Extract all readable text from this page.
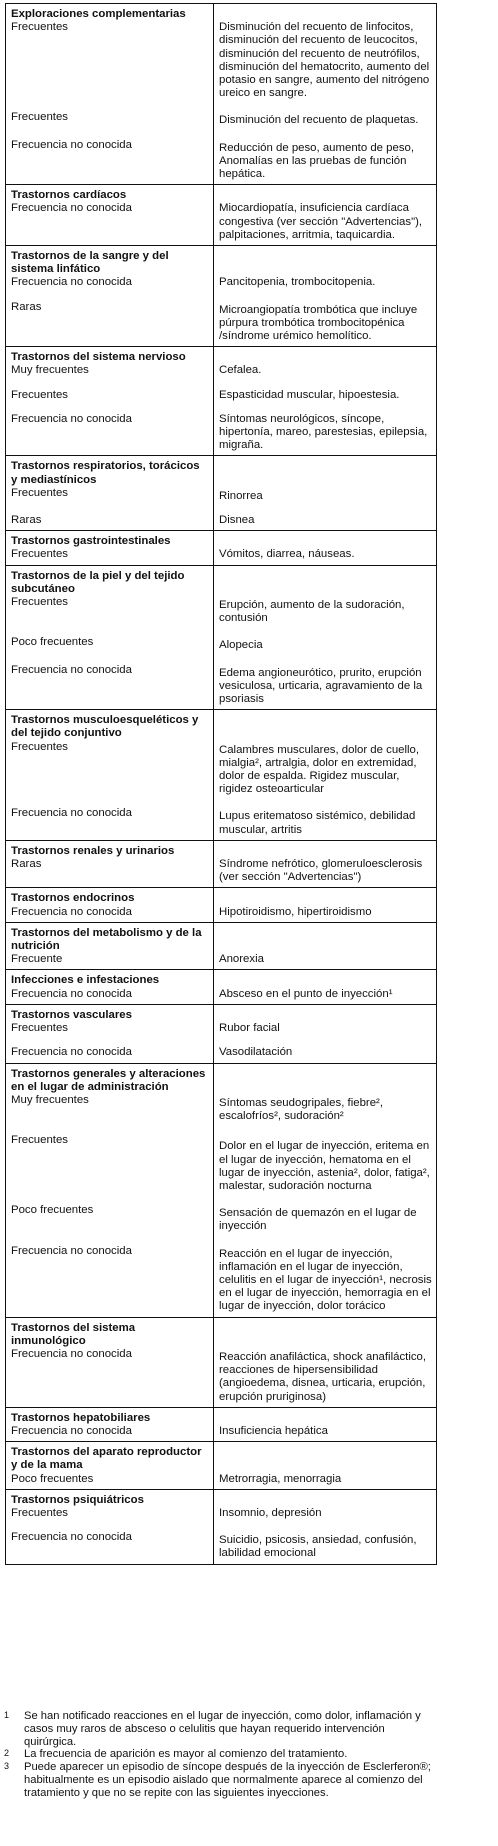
Exploraciones complementarias
Frecuentes	Disminución del recuento de linfocitos, disminución del recuento de leucocitos, disminución del recuento de neutrófilos, disminución del hematocrito, aumento del potasio en sangre, aumento del nitrógeno ureico en sangre.
Frecuentes	Disminución del recuento de plaquetas.
Frecuencia no conocida	Reducción de peso, aumento de peso, Anomalías en las pruebas de función hepática.

Trastornos cardíacos
Frecuencia no conocida	Miocardiopatía, insuficiencia cardíaca congestiva (ver sección "Advertencias"), palpitaciones, arritmia, taquicardia.

Trastornos de la sangre y del sistema linfático
Frecuencia no conocida	Pancitopenia, trombocitopenia.
Raras	Microangiopatía trombótica que incluye púrpura trombótica trombocitopénica /síndrome urémico hemolítico.

Trastornos del sistema nervioso
Muy frecuentes	Cefalea.
Frecuentes	Espasticidad muscular, hipoestesia.
Frecuencia no conocida	Síntomas neurológicos, síncope, hipertonía, mareo, parestesias, epilepsia, migraña.

Trastornos respiratorios, torácicos y mediastínicos
Frecuentes	Rinorrea
Raras	Disnea

Trastornos gastrointestinales
Frecuentes	Vómitos, diarrea, náuseas.

Trastornos de la piel y del tejido subcutáneo
Frecuentes	Erupción, aumento de la sudoración, contusión
Poco frecuentes	Alopecia
Frecuencia no conocida	Edema angioneurótico, prurito, erupción vesiculosa, urticaria, agravamiento de la psoriasis

Trastornos musculoesqueléticos y del tejido conjuntivo
Frecuentes	Calambres musculares, dolor de cuello, mialgia², artralgia, dolor en extremidad, dolor de espalda. Rigidez muscular, rigidez osteoarticular
Frecuencia no conocida	Lupus eritematoso sistémico, debilidad muscular, artritis

Trastornos renales y urinarios
Raras	Síndrome nefrótico, glomeruloesclerosis (ver sección "Advertencias")

Trastornos endocrinos
Frecuencia no conocida	Hipotiroidismo, hipertiroidismo

Trastornos del metabolismo y de la nutrición
Frecuente	Anorexia

Infecciones e infestaciones
Frecuencia no conocida	Absceso en el punto de inyección¹

Trastornos vasculares
Frecuentes	Rubor facial
Frecuencia no conocida	Vasodilatación

Trastornos generales y alteraciones en el lugar de administración
Muy frecuentes	Síntomas seudogripales, fiebre², escalofríos², sudoración²
Frecuentes	Dolor en el lugar de inyección, eritema en el lugar de inyección, hematoma en el lugar de inyección, astenia², dolor, fatiga², malestar, sudoración nocturna
Poco frecuentes	Sensación de quemazón en el lugar de inyección
Frecuencia no conocida	Reacción en el lugar de inyección, inflamación en el lugar de inyección, celulitis en el lugar de inyección¹, necrosis en el lugar de inyección, hemorragia en el lugar de inyección, dolor torácico

Trastornos del sistema inmunológico
Frecuencia no conocida	Reacción anafiláctica, shock anafiláctico, reacciones de hipersensibilidad (angioedema, disnea, urticaria, erupción, erupción pruriginosa)

Trastornos hepatobiliares
Frecuencia no conocida	Insuficiencia hepática

Trastornos del aparato reproductor y de la mama
Poco frecuentes	Metrorragia, menorragia

Trastornos psiquiátricos
Frecuentes	Insomnio, depresión
Frecuencia no conocida	Suicidio, psicosis, ansiedad, confusión, labilidad emocional
1	Se han notificado reacciones en el lugar de inyección, como dolor, inflamación y casos muy raros de absceso o celulitis que hayan requerido intervención quirúrgica.
2	La frecuencia de aparición es mayor al comienzo del tratamiento.
3	Puede aparecer un episodio de síncope después de la inyección de Esclerferon®; habitualmente es un episodio aislado que normalmente aparece al comienzo del tratamiento y que no se repite con las siguientes inyecciones.
